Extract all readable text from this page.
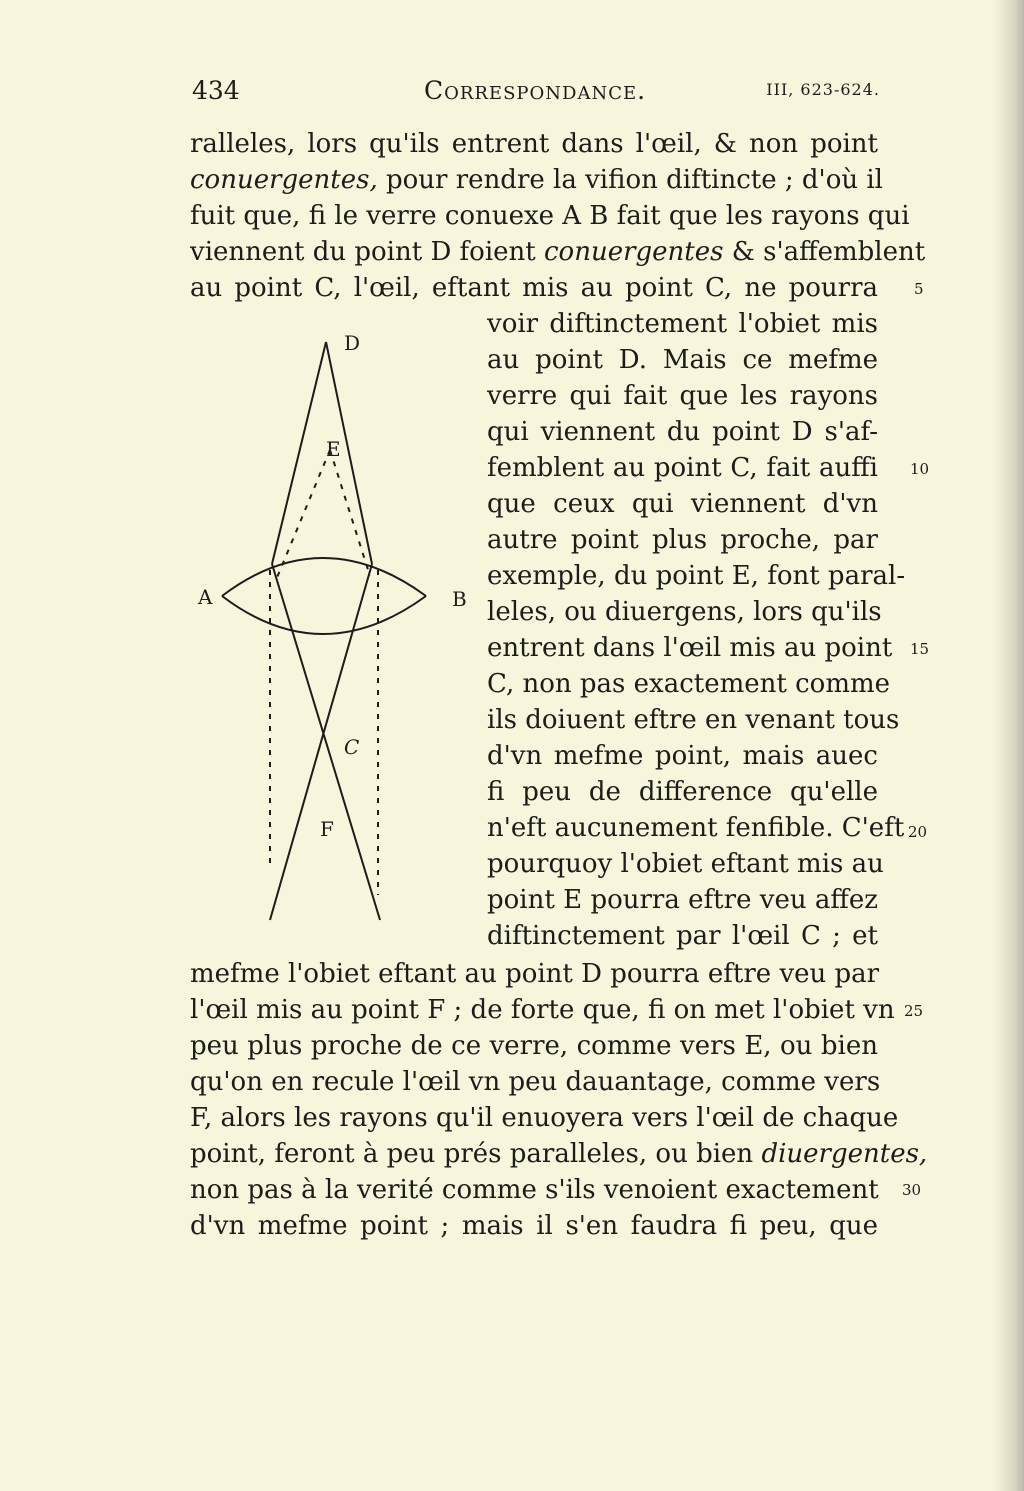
434	Correspondance.	III, 623-624.
ralleles, lors qu'ils entrent dans l'œil, & non point
conuergentes, pour rendre la vifion diftincte ; d'où il
fuit que, fi le verre conuexe A B fait que les rayons qui
viennent du point D foient conuergentes & s'affemblent
au point C, l'œil, eftant mis au point C, ne pourra
voir diftinctement l'obiet mis
au point D. Mais ce mefme
verre qui fait que les rayons
qui viennent du point D s'af-
femblent au point C, fait auffi
que ceux qui viennent d'vn
autre point plus proche, par
exemple, du point E, font paral-
leles, ou diuergens, lors qu'ils
entrent dans l'œil mis au point
C, non pas exactement comme
ils doiuent eftre en venant tous
d'vn mefme point, mais auec
fi peu de difference qu'elle
n'eft aucunement fenfible. C'eft
pourquoy l'obiet eftant mis au
point E pourra eftre veu affez
diftinctement par l'œil C ; et
mefme l'obiet eftant au point D pourra eftre veu par
l'œil mis au point F ; de forte que, fi on met l'obiet vn
peu plus proche de ce verre, comme vers E, ou bien
qu'on en recule l'œil vn peu dauantage, comme vers
F, alors les rayons qu'il enuoyera vers l'œil de chaque
point, feront à peu prés paralleles, ou bien diuergentes,
non pas à la verité comme s'ils venoient exactement
d'vn mefme point ; mais il s'en faudra fi peu, que
5
10
15
20
25
30
D
E
A	B
C
F
